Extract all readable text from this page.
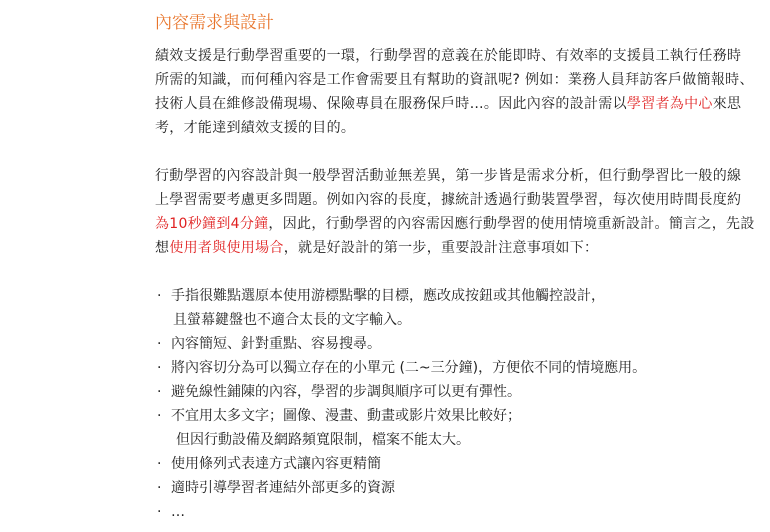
內容需求與設計
績效支援是行動學習重要的一環，行動學習的意義在於能即時、有效率的支援員工執行任務時所需的知識，而何種內容是工作會需要且有幫助的資訊呢? 例如：業務人員拜訪客戶做簡報時、技術人員在維修設備現場、保險專員在服務保戶時…。因此內容的設計需以學習者為中心來思考，才能達到績效支援的目的。
行動學習的內容設計與一般學習活動並無差異，第一步皆是需求分析，但行動學習比一般的線上學習需要考慮更多問題。例如內容的長度，據統計透過行動裝置學習，每次使用時間長度約為10秒鐘到4分鐘，因此，行動學習的內容需因應行動學習的使用情境重新設計。簡言之，先設想使用者與使用場合，就是好設計的第一步，重要設計注意事項如下：
· 手指很難點選原本使用游標點擊的目標，應改成按鈕或其他觸控設計，
且螢幕鍵盤也不適合太長的文字輸入。
· 內容簡短、針對重點、容易搜尋。
· 將內容切分為可以獨立存在的小單元 (二~三分鐘)，方便依不同的情境應用。
· 避免線性鋪陳的內容，學習的步調與順序可以更有彈性。
· 不宜用太多文字；圖像、漫畫、動畫或影片效果比較好；
但因行動設備及網路頻寬限制，檔案不能太大。
· 使用條列式表達方式讓內容更精簡
· 適時引導學習者連結外部更多的資源
· …
